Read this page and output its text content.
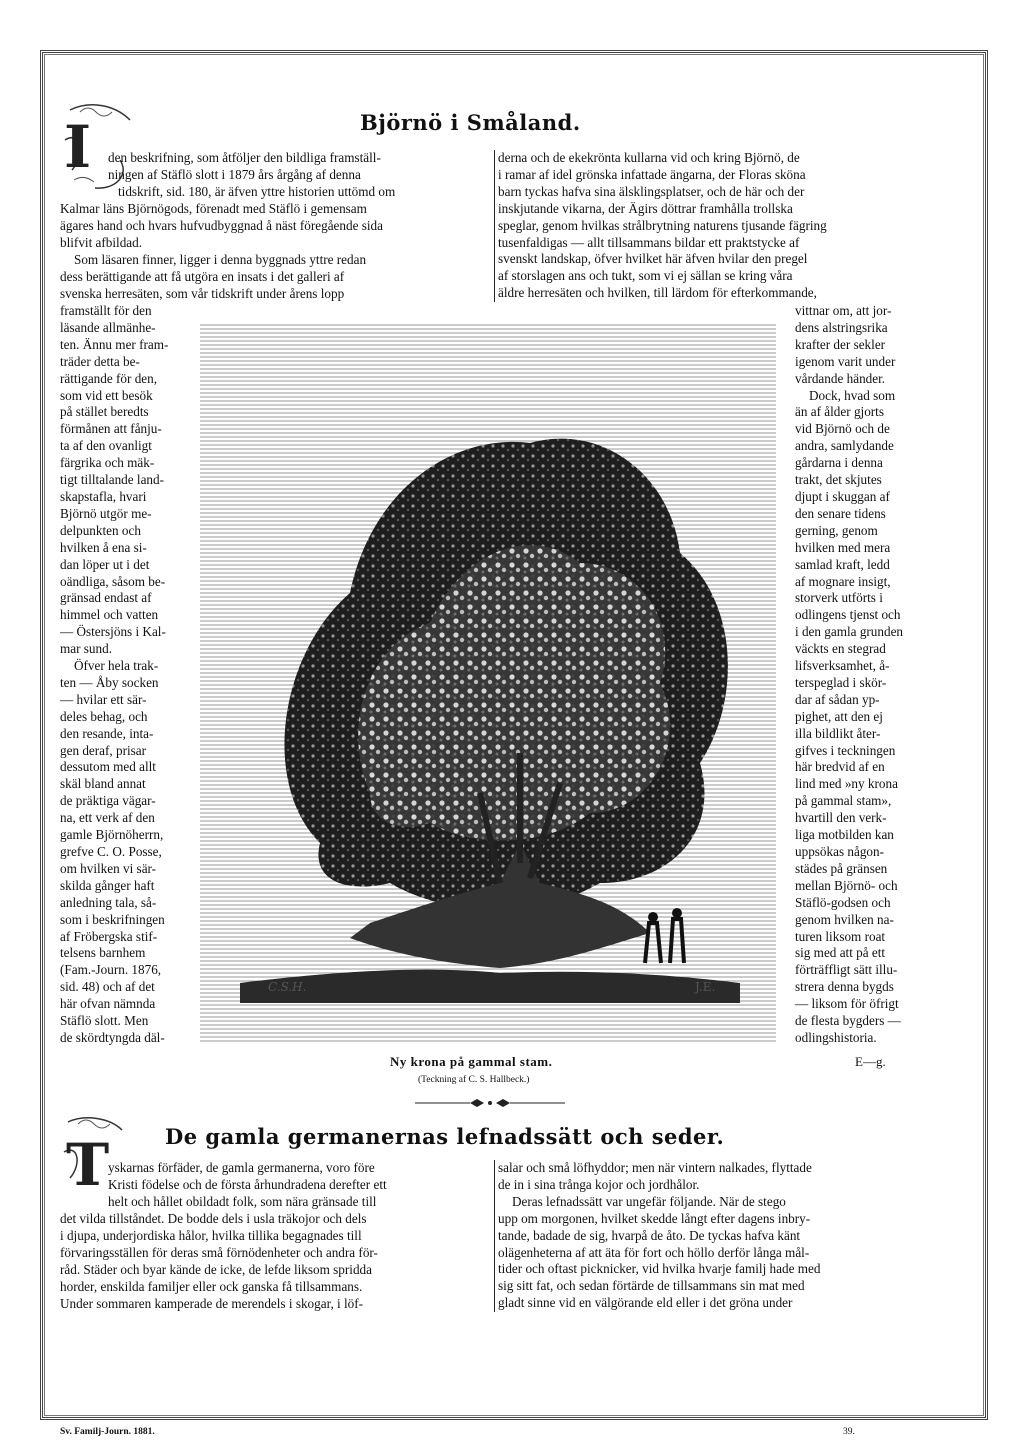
I	Björnö i Småland.

den beskrifning, som åtföljer den bildliga framställ-

ningen af Stäflö slott i 1879 års årgång af denna

tidskrift, sid. 180, är äfven yttre historien uttömd om

Kalmar läns Björnögods, förenadt med Stäflö i gemensam

ägares hand och hvars hufvudbyggnad å näst föregående sida

blifvit afbildad.

Som läsaren finner, ligger i denna byggnads yttre redan

dess berättigande att få utgöra en insats i det galleri af

svenska herresäten, som vår tidskrift under årens lopp

framställt för den

läsande allmänhe-

ten. Ännu mer fram-

träder detta be-

rättigande för den,

som vid ett besök

på stället beredts

förmånen att fånju-

ta af den ovanligt

färgrika och mäk-

tigt tilltalande land-

skapstafla, hvari

Björnö utgör me-

delpunkten och

hvilken å ena si-

dan löper ut i det

oändliga, såsom be-

gränsad endast af

himmel och vatten

— Östersjöns i Kal-

mar sund.

Öfver hela trak-

ten — Åby socken

— hvilar ett sär-

deles behag, och

den resande, inta-

gen deraf, prisar

dessutom med allt

skäl bland annat

de präktiga vägar-

na, ett verk af den

gamle Björnöherrn,

grefve C. O. Posse,

om hvilken vi sär-

skilda gånger haft

anledning tala, så-

som i beskrifningen

af Fröbergska stif-

telsens barnhem

(Fam.-Journ. 1876,

sid. 48) och af det

här ofvan nämnda

Stäflö slott. Men

de skördtyngda däl-

derna och de ekekrönta kullarna vid och kring Björnö, de

i ramar af idel grönska infattade ängarna, der Floras sköna

barn tyckas hafva sina älsklingsplatser, och de här och der

inskjutande vikarna, der Ägirs döttrar framhålla trollska

speglar, genom hvilkas strålbrytning naturens tjusande fägring

tusenfaldigas — allt tillsammans bildar ett praktstycke af

svenskt landskap, öfver hvilket här äfven hvilar den pregel

af storslagen ans och tukt, som vi ej sällan se kring våra

äldre herresäten och hvilken, till lärdom för efterkommande,

vittnar om, att jor-

dens alstringsrika

krafter der sekler

igenom varit under

vårdande händer.

Dock, hvad som

än af ålder gjorts

vid Björnö och de

andra, samlydande

gårdarna i denna

trakt, det skjutes

djupt i skuggan af

den senare tidens

gerning, genom

hvilken med mera

samlad kraft, ledd

af mognare insigt,

storverk utförts i

odlingens tjenst och

i den gamla grunden

väckts en stegrad

lifsverksamhet, å-

terspeglad i skör-

dar af sådan yp-

pighet, att den ej

illa bildlikt åter-

gifves i teckningen

här bredvid af en

lind med »ny krona

på gammal stam»,

hvartill den verk-

liga motbilden kan

uppsökas någon-

städes på gränsen

mellan Björnö- och

Stäflö-godsen och

genom hvilken na-

turen liksom roat

sig med att på ett

förträffligt sätt illu-

strera denna bygds

— liksom för öfrigt

de flesta bygders —

odlingshistoria.

C.S.H.	J.E.
Ny krona på gammal stam.
(Teckning af C. S. Hallbeck.)
E—g.
T	De gamla germanernas lefnadssätt och seder.

yskarnas förfäder, de gamla germanerna, voro före

Kristi födelse och de första århundradena derefter ett

helt och hållet obildadt folk, som nära gränsade till

det vilda tillståndet. De bodde dels i usla träkojor och dels

i djupa, underjordiska hålor, hvilka tillika begagnades till

förvaringsställen för deras små förnödenheter och andra för-

råd. Städer och byar kände de icke, de lefde liksom spridda

horder, enskilda familjer eller ock ganska få tillsammans.

Under sommaren kamperade de merendels i skogar, i löf-

salar och små löfhyddor; men när vintern nalkades, flyttade

de in i sina trånga kojor och jordhålor.

Deras lefnadssätt var ungefär följande. När de stego

upp om morgonen, hvilket skedde långt efter dagens inbry-

tande, badade de sig, hvarpå de åto. De tyckas hafva känt

olägenheterna af att äta för fort och höllo derför långa mål-

tider och oftast picknicker, vid hvilka hvarje familj hade med

sig sitt fat, och sedan förtärde de tillsammans sin mat med

gladt sinne vid en välgörande eld eller i det gröna under

Sv. Familj-Journ. 1881.	39.
